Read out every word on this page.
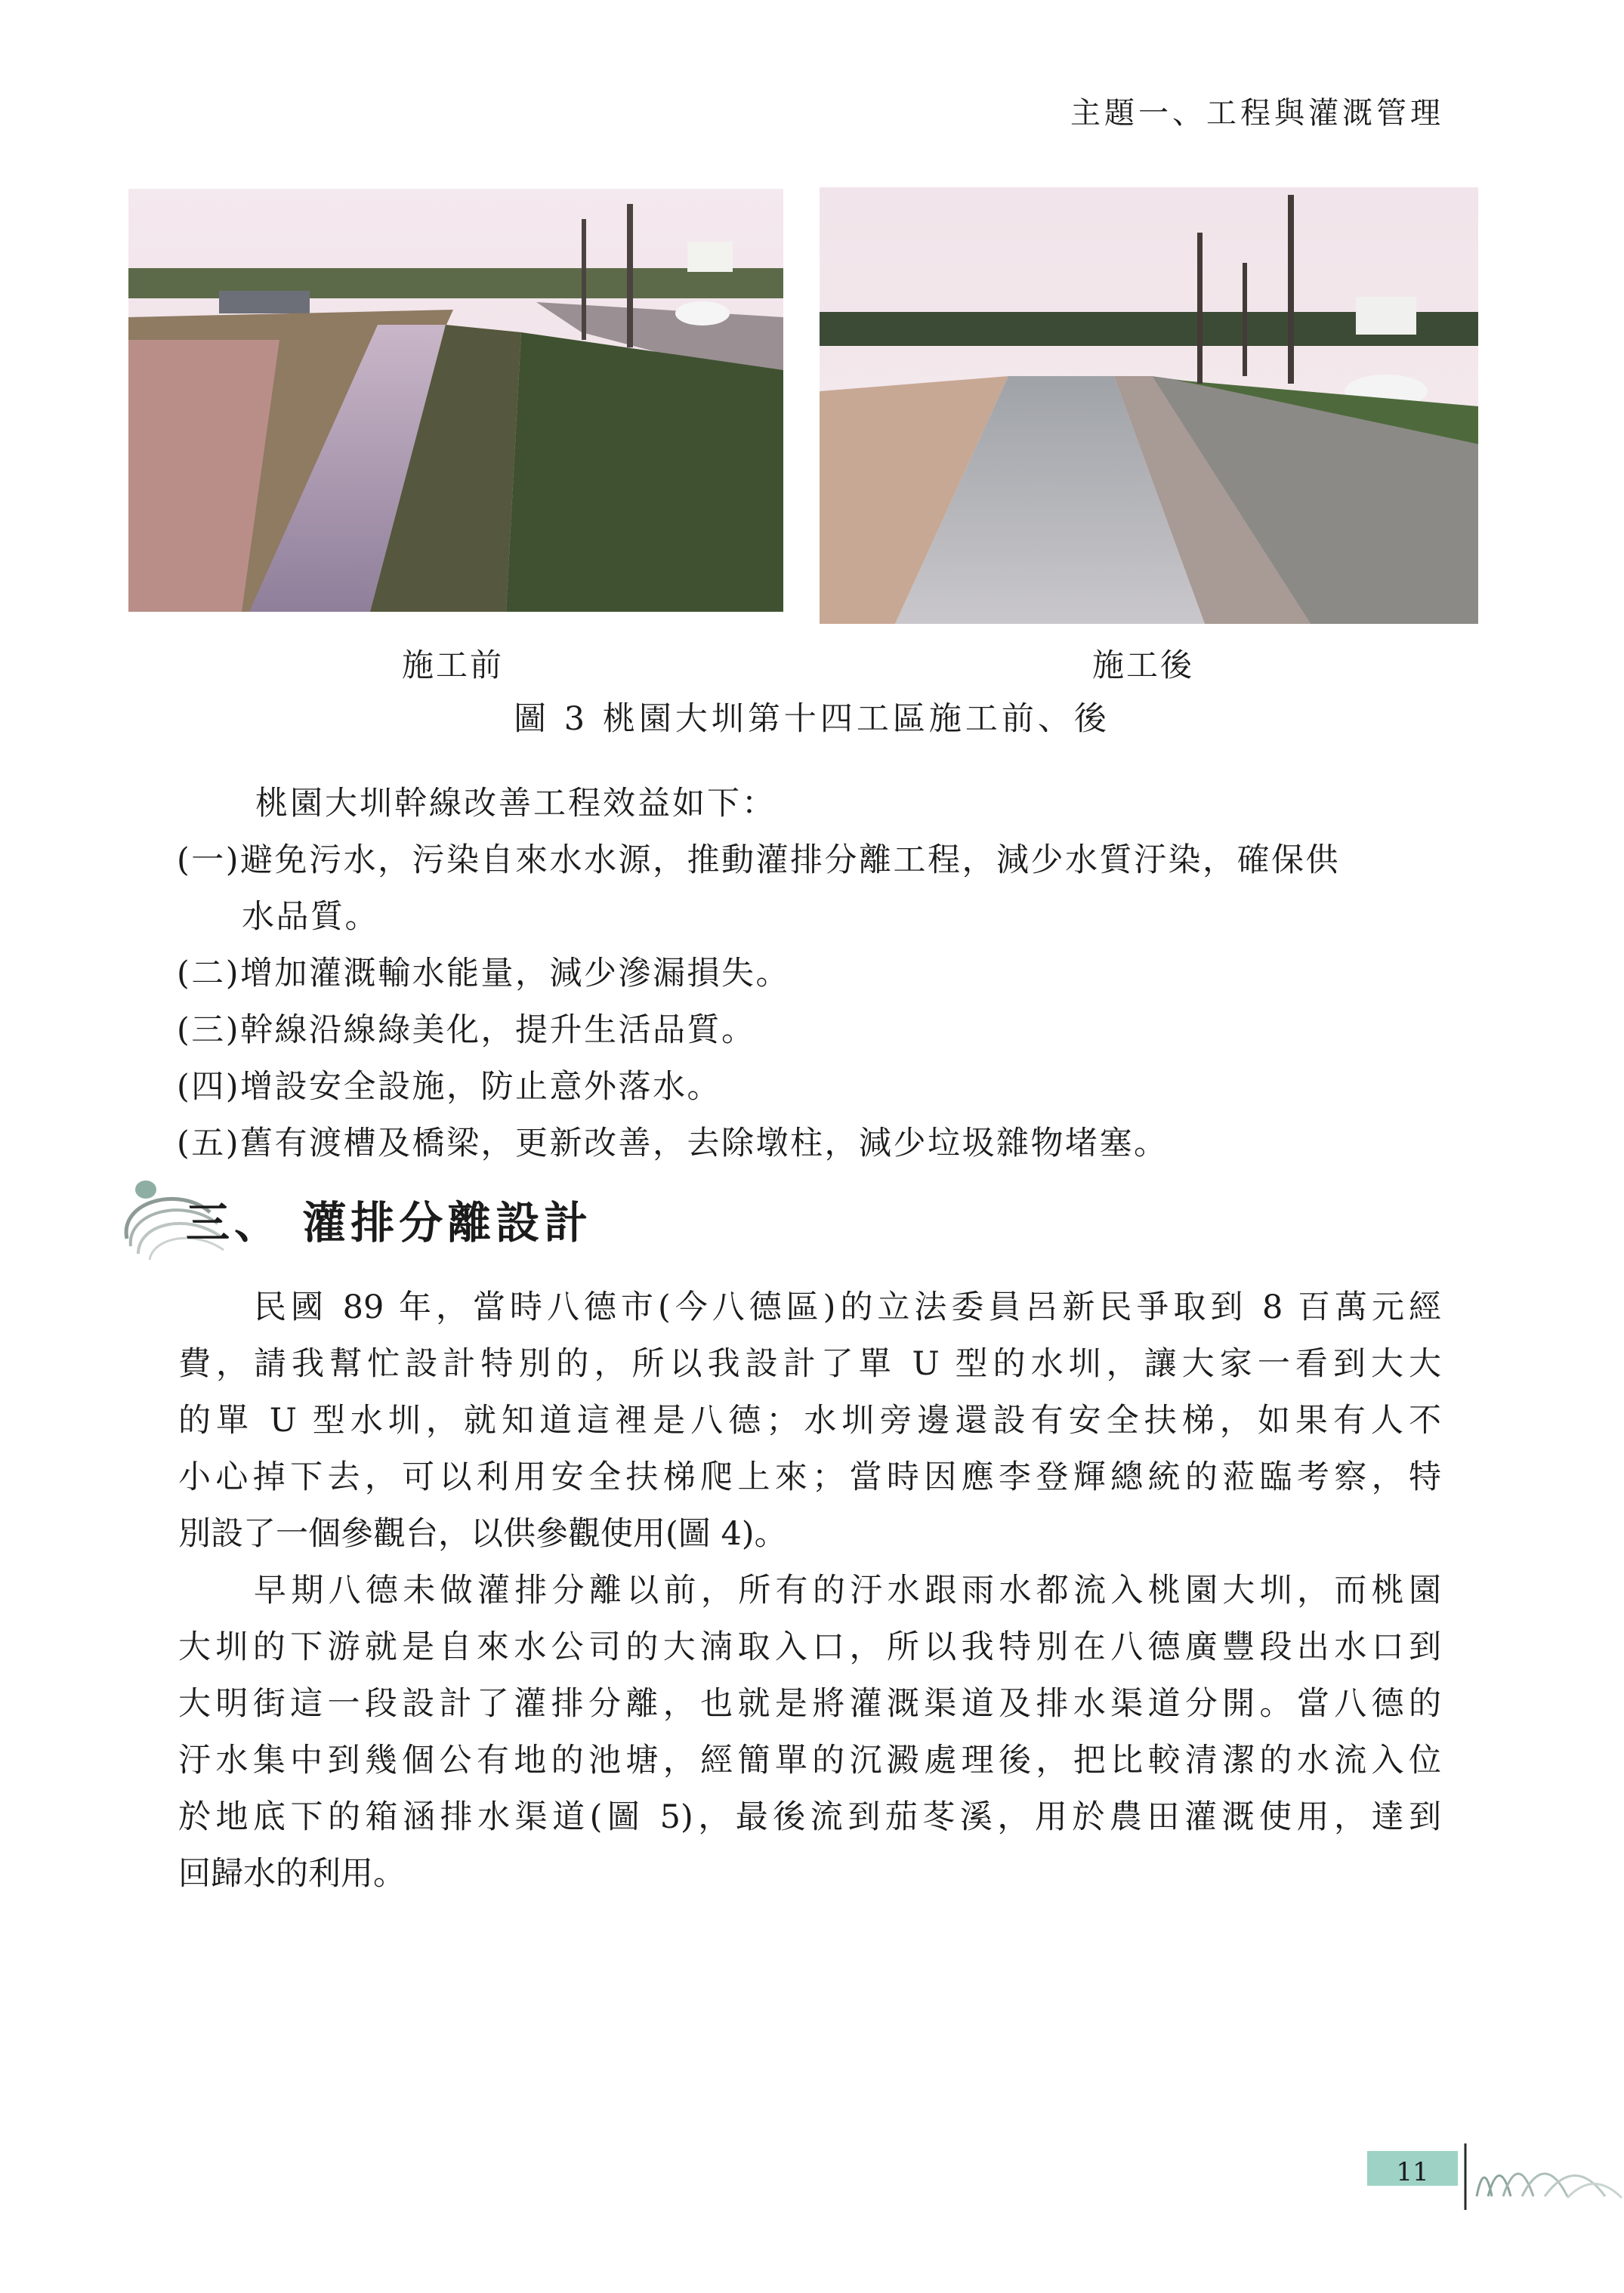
主題一、工程與灌溉管理
施工前	施工後
圖 3 桃園大圳第十四工區施工前、後
桃園大圳幹線改善工程效益如下：
(一)避免污水，污染自來水水源，推動灌排分離工程，減少水質汙染，確保供
水品質。
(二)增加灌溉輸水能量，減少滲漏損失。
(三)幹線沿線綠美化，提升生活品質。
(四)增設安全設施，防止意外落水。
(五)舊有渡槽及橋梁，更新改善，去除墩柱，減少垃圾雜物堵塞。
三、 灌排分離設計
民國 89 年，當時八德市(今八德區)的立法委員呂新民爭取到 8 百萬元經
費，請我幫忙設計特別的，所以我設計了單 U 型的水圳，讓大家一看到大大
的單 U 型水圳，就知道這裡是八德；水圳旁邊還設有安全扶梯，如果有人不
小心掉下去，可以利用安全扶梯爬上來；當時因應李登輝總統的蒞臨考察，特
別設了一個參觀台，以供參觀使用(圖 4)。
早期八德未做灌排分離以前，所有的汙水跟雨水都流入桃園大圳，而桃園
大圳的下游就是自來水公司的大湳取入口，所以我特別在八德廣豐段出水口到
大明街這一段設計了灌排分離，也就是將灌溉渠道及排水渠道分開。當八德的
汙水集中到幾個公有地的池塘，經簡單的沉澱處理後，把比較清潔的水流入位
於地底下的箱涵排水渠道(圖 5)，最後流到茄苳溪，用於農田灌溉使用，達到
回歸水的利用。
11
